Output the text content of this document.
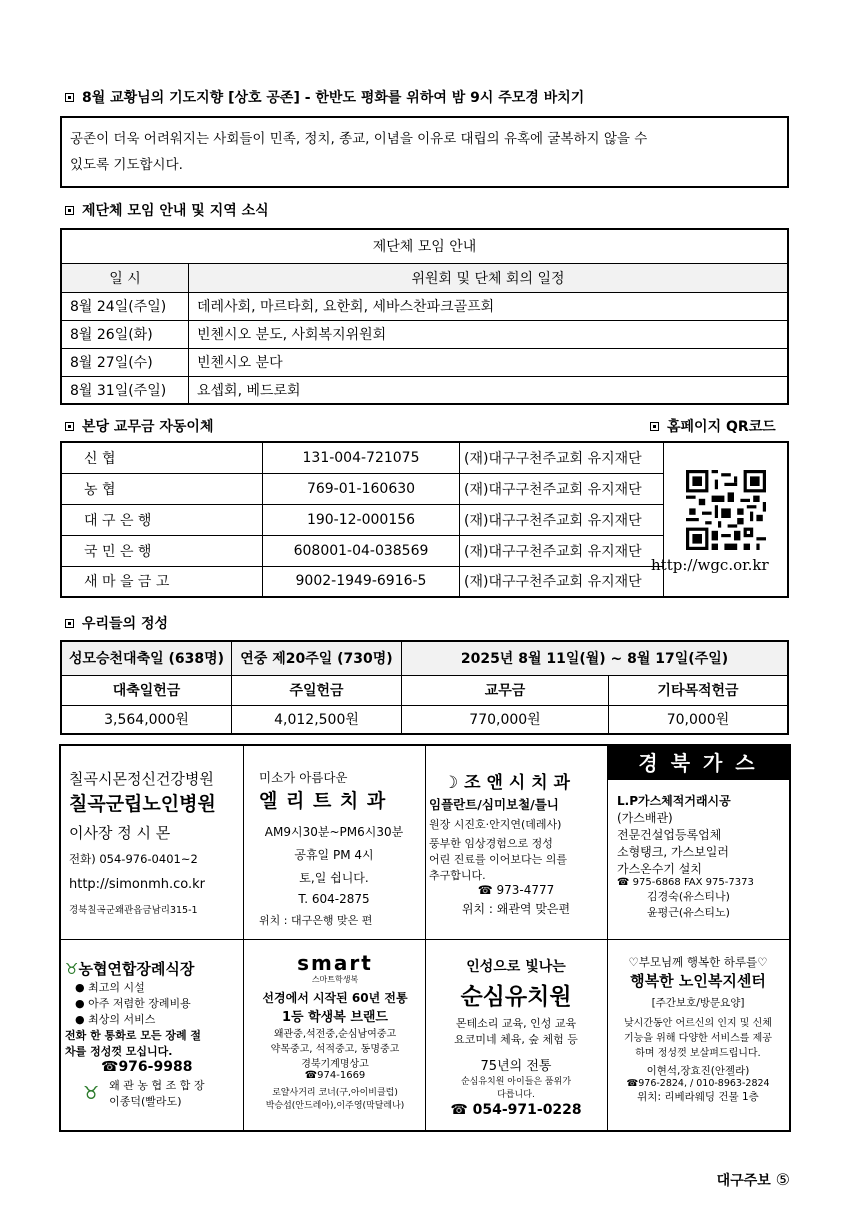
8월 교황님의 기도지향 [상호 공존] - 한반도 평화를 위하여 밤 9시 주모경 바치기
공존이 더욱 어려워지는 사회들이 민족, 정치, 종교, 이념을 이유로 대립의 유혹에 굴복하지 않을 수
있도록 기도합시다.
제단체 모임 안내 및 지역 소식
제단체 모임 안내	
일 시	위원회 및 단체 회의 일정
8월 24일(주일)	데레사회, 마르타회, 요한회, 세바스찬파크골프회
8월 26일(화)	빈첸시오 분도, 사회복지위원회
8월 27일(수)	빈첸시오 분다
8월 31일(주일)	요셉회, 베드로회
본당 교무금 자동이체	홈페이지 QR코드
신 협	131-004-721075	(재)대구구천주교회 유지재단	
농 협	769-01-160630	(재)대구구천주교회 유지재단	
대 구 은 행	190-12-000156	(재)대구구천주교회 유지재단	
국 민 은 행	608001-04-038569	(재)대구구천주교회 유지재단	
새 마 을 금 고	9002-1949-6916-5	(재)대구구천주교회 유지재단	
http://wgc.or.kr
우리들의 정성
성모승천대축일 (638명)	연중 제20주일 (730명)	2025년 8월 11일(월) ~ 8월 17일(주일)	
대축일헌금	주일헌금	교무금	기타목적헌금
3,564,000원	4,012,500원	770,000원	70,000원
칠곡시몬정신건강병원
칠곡군립노인병원
이사장 정 시 몬
전화) 054-976-0401~2
http://simonmh.co.kr
경북칠곡군왜관읍금남리315-1
미소가 아름다운
엘 리 트 치 과
AM9시30분~PM6시30분
공휴일 PM 4시
토,일 쉽니다.
T. 604-2875
위치 : 대구은행 맞은 편
☽ 조 앤 시 치 과
임플란트/심미보철/틀니
원장 시진호·안지연(데레사)
풍부한 임상경험으로 정성
어린 진료를 이어보다는 의를
추구합니다.
☎ 973-4777
위치 : 왜관역 맞은편
경 북 가 스
L.P가스체적거래시공
(가스배관)
전문건설업등록업체
소형탱크, 가스보일러
가스온수기 설치
☎ 975-6868 FAX 975-7373
김경숙(유스티나)
윤평근(유스티노)
♉농협연합장례식장
● 최고의 시설
● 아주 저렴한 장례비용
● 최상의 서비스
전화 한 통화로 모든 장례 절
차를 정성껏 모십니다.
☎976-9988
♉ 왜 관 농 협 조 합 장
이종덕(빨라도)
smart
스마트학생복
선경에서 시작된 60년 전통
1등 학생복 브랜드
왜관중,석전중,순심남여중고
약목중고, 석적중고, 동명중고
경북기계명상고
☎974-1669
로얄사거리 코너(구,아이비클럽)
박승섭(안드레아),이주영(막달레나)
인성으로 빛나는
순심유치원
몬테소리 교육, 인성 교육
요코미네 체육, 숲 체험 등
75년의 전통
순심유치원 아이들은 품위가
다릅니다.
☎ 054-971-0228
♡부모님께 행복한 하루를♡
행복한 노인복지센터
[주간보호/방문요양]
낮시간동안 어르신의 인지 및 신체
기능을 위해 다양한 서비스를 제공
하며 정성껏 보살펴드립니다.
이현석,장효진(안젤라)
☎976-2824, / 010-8963-2824
위치: 리베라웨딩 건물 1층
대구주보 ⑤
